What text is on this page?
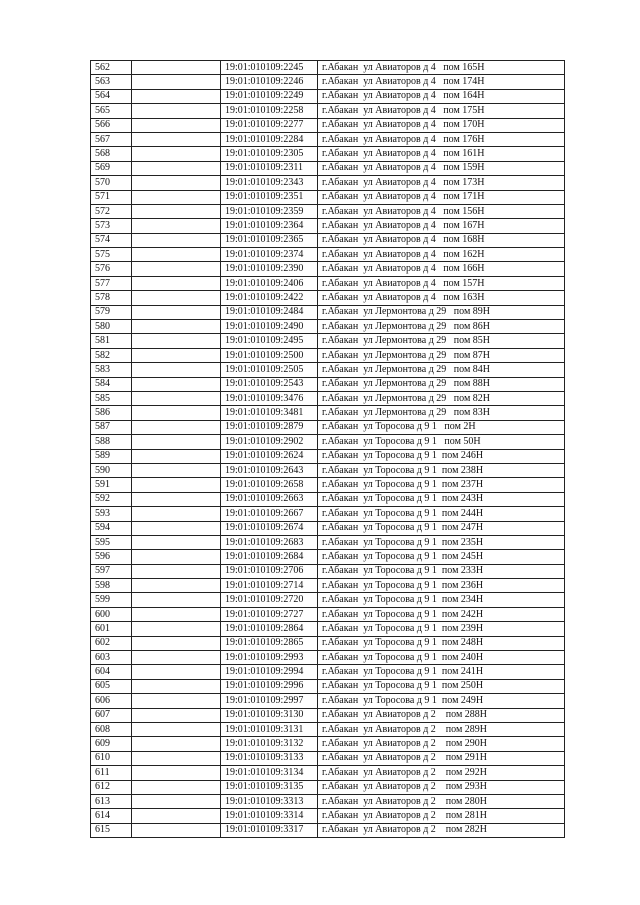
562		19:01:010109:2245	г.Абакан  ул Авиаторов д 4   пом 165Н
563		19:01:010109:2246	г.Абакан  ул Авиаторов д 4   пом 174Н
564		19:01:010109:2249	г.Абакан  ул Авиаторов д 4   пом 164Н
565		19:01:010109:2258	г.Абакан  ул Авиаторов д 4   пом 175Н
566		19:01:010109:2277	г.Абакан  ул Авиаторов д 4   пом 170Н
567		19:01:010109:2284	г.Абакан  ул Авиаторов д 4   пом 176Н
568		19:01:010109:2305	г.Абакан  ул Авиаторов д 4   пом 161Н
569		19:01:010109:2311	г.Абакан  ул Авиаторов д 4   пом 159Н
570		19:01:010109:2343	г.Абакан  ул Авиаторов д 4   пом 173Н
571		19:01:010109:2351	г.Абакан  ул Авиаторов д 4   пом 171Н
572		19:01:010109:2359	г.Абакан  ул Авиаторов д 4   пом 156Н
573		19:01:010109:2364	г.Абакан  ул Авиаторов д 4   пом 167Н
574		19:01:010109:2365	г.Абакан  ул Авиаторов д 4   пом 168Н
575		19:01:010109:2374	г.Абакан  ул Авиаторов д 4   пом 162Н
576		19:01:010109:2390	г.Абакан  ул Авиаторов д 4   пом 166Н
577		19:01:010109:2406	г.Абакан  ул Авиаторов д 4   пом 157Н
578		19:01:010109:2422	г.Абакан  ул Авиаторов д 4   пом 163Н
579		19:01:010109:2484	г.Абакан  ул Лермонтова д 29   пом 89Н
580		19:01:010109:2490	г.Абакан  ул Лермонтова д 29   пом 86Н
581		19:01:010109:2495	г.Абакан  ул Лермонтова д 29   пом 85Н
582		19:01:010109:2500	г.Абакан  ул Лермонтова д 29   пом 87Н
583		19:01:010109:2505	г.Абакан  ул Лермонтова д 29   пом 84Н
584		19:01:010109:2543	г.Абакан  ул Лермонтова д 29   пом 88Н
585		19:01:010109:3476	г.Абакан  ул Лермонтова д 29   пом 82Н
586		19:01:010109:3481	г.Абакан  ул Лермонтова д 29   пом 83Н
587		19:01:010109:2879	г.Абакан  ул Торосова д 9 1   пом 2Н
588		19:01:010109:2902	г.Абакан  ул Торосова д 9 1   пом 50Н
589		19:01:010109:2624	г.Абакан  ул Торосова д 9 1  пом 246Н
590		19:01:010109:2643	г.Абакан  ул Торосова д 9 1  пом 238Н
591		19:01:010109:2658	г.Абакан  ул Торосова д 9 1  пом 237Н
592		19:01:010109:2663	г.Абакан  ул Торосова д 9 1  пом 243Н
593		19:01:010109:2667	г.Абакан  ул Торосова д 9 1  пом 244Н
594		19:01:010109:2674	г.Абакан  ул Торосова д 9 1  пом 247Н
595		19:01:010109:2683	г.Абакан  ул Торосова д 9 1  пом 235Н
596		19:01:010109:2684	г.Абакан  ул Торосова д 9 1  пом 245Н
597		19:01:010109:2706	г.Абакан  ул Торосова д 9 1  пом 233Н
598		19:01:010109:2714	г.Абакан  ул Торосова д 9 1  пом 236Н
599		19:01:010109:2720	г.Абакан  ул Торосова д 9 1  пом 234Н
600		19:01:010109:2727	г.Абакан  ул Торосова д 9 1  пом 242Н
601		19:01:010109:2864	г.Абакан  ул Торосова д 9 1  пом 239Н
602		19:01:010109:2865	г.Абакан  ул Торосова д 9 1  пом 248Н
603		19:01:010109:2993	г.Абакан  ул Торосова д 9 1  пом 240Н
604		19:01:010109:2994	г.Абакан  ул Торосова д 9 1  пом 241Н
605		19:01:010109:2996	г.Абакан  ул Торосова д 9 1  пом 250Н
606		19:01:010109:2997	г.Абакан  ул Торосова д 9 1  пом 249Н
607		19:01:010109:3130	г.Абакан  ул Авиаторов д 2    пом 288Н
608		19:01:010109:3131	г.Абакан  ул Авиаторов д 2    пом 289Н
609		19:01:010109:3132	г.Абакан  ул Авиаторов д 2    пом 290Н
610		19:01:010109:3133	г.Абакан  ул Авиаторов д 2    пом 291Н
611		19:01:010109:3134	г.Абакан  ул Авиаторов д 2    пом 292Н
612		19:01:010109:3135	г.Абакан  ул Авиаторов д 2    пом 293Н
613		19:01:010109:3313	г.Абакан  ул Авиаторов д 2    пом 280Н
614		19:01:010109:3314	г.Абакан  ул Авиаторов д 2    пом 281Н
615		19:01:010109:3317	г.Абакан  ул Авиаторов д 2    пом 282Н
